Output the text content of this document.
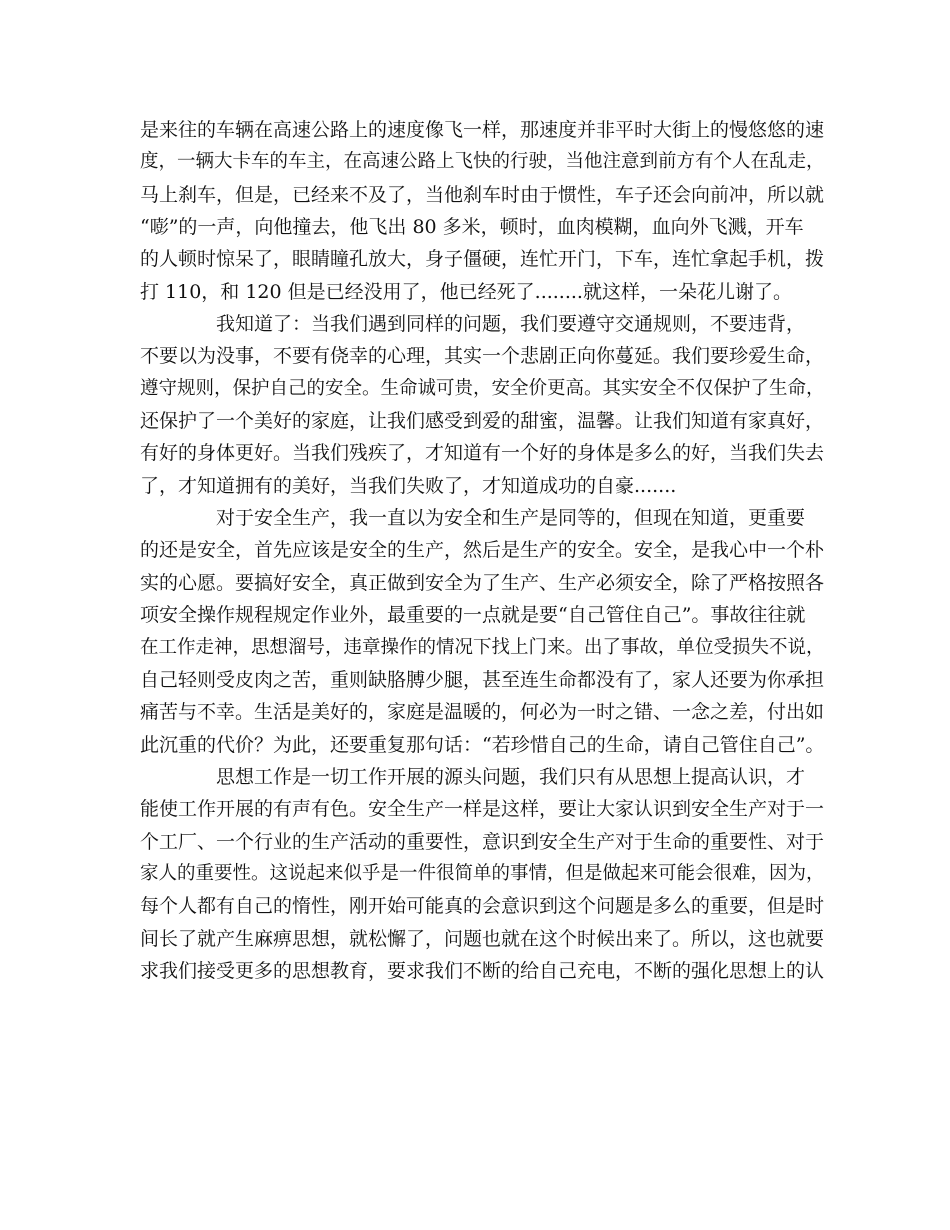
是来往的车辆在高速公路上的速度像飞一样，那速度并非平时大街上的慢悠悠的速
度，一辆大卡车的车主，在高速公路上飞快的行驶，当他注意到前方有个人在乱走，
马上刹车，但是，已经来不及了，当他刹车时由于惯性，车子还会向前冲，所以就
“嘭”的一声，向他撞去，他飞出 80 多米，顿时，血肉模糊，血向外飞溅，开车
的人顿时惊呆了，眼睛瞳孔放大，身子僵硬，连忙开门，下车，连忙拿起手机，拨
打 110，和 120 但是已经没用了，他已经死了........就这样，一朵花儿谢了。
我知道了：当我们遇到同样的问题，我们要遵守交通规则，不要违背，
不要以为没事，不要有侥幸的心理，其实一个悲剧正向你蔓延。我们要珍爱生命，
遵守规则，保护自己的安全。生命诚可贵，安全价更高。其实安全不仅保护了生命，
还保护了一个美好的家庭，让我们感受到爱的甜蜜，温馨。让我们知道有家真好，
有好的身体更好。当我们残疾了，才知道有一个好的身体是多么的好，当我们失去
了，才知道拥有的美好，当我们失败了，才知道成功的自豪.......
对于安全生产，我一直以为安全和生产是同等的，但现在知道，更重要
的还是安全，首先应该是安全的生产，然后是生产的安全。安全，是我心中一个朴
实的心愿。要搞好安全，真正做到安全为了生产、生产必须安全，除了严格按照各
项安全操作规程规定作业外，最重要的一点就是要“自己管住自己”。事故往往就
在工作走神，思想溜号，违章操作的情况下找上门来。出了事故，单位受损失不说，
自己轻则受皮肉之苦，重则缺胳膊少腿，甚至连生命都没有了，家人还要为你承担
痛苦与不幸。生活是美好的，家庭是温暖的，何必为一时之错、一念之差，付出如
此沉重的代价？为此，还要重复那句话：“若珍惜自己的生命，请自己管住自己”。
思想工作是一切工作开展的源头问题，我们只有从思想上提高认识，才
能使工作开展的有声有色。安全生产一样是这样，要让大家认识到安全生产对于一
个工厂、一个行业的生产活动的重要性，意识到安全生产对于生命的重要性、对于
家人的重要性。这说起来似乎是一件很简单的事情，但是做起来可能会很难，因为，
每个人都有自己的惰性，刚开始可能真的会意识到这个问题是多么的重要，但是时
间长了就产生麻痹思想，就松懈了，问题也就在这个时候出来了。所以，这也就要
求我们接受更多的思想教育，要求我们不断的给自己充电，不断的强化思想上的认
